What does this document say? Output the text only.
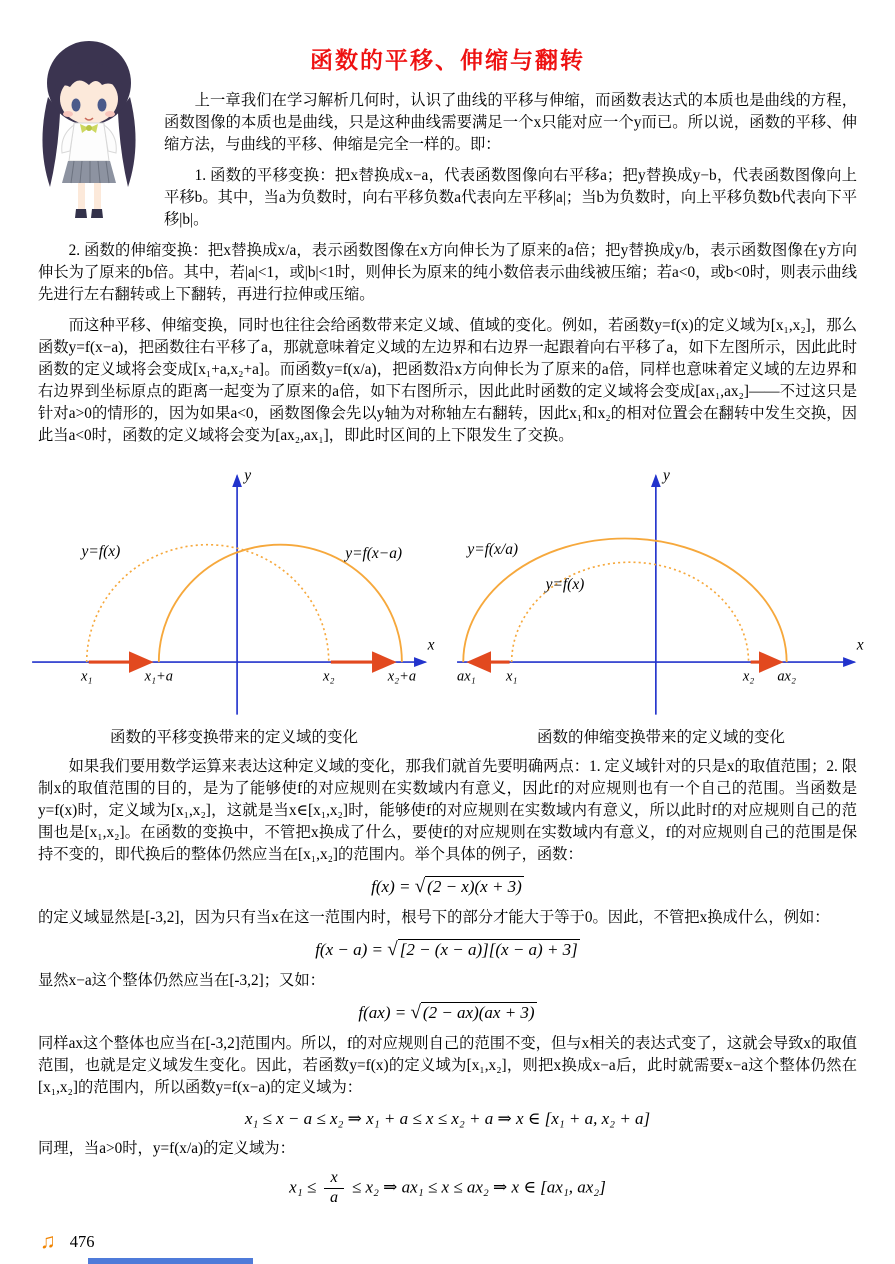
函数的平移、伸缩与翻转

上一章我们在学习解析几何时，认识了曲线的平移与伸缩，而函数表达式的本质也是曲线的方程，函数图像的本质也是曲线，只是这种曲线需要满足一个x只能对应一个y而已。所以说，函数的平移、伸缩方法，与曲线的平移、伸缩是完全一样的。即：

1. 函数的平移变换：把x替换成x−a，代表函数图像向右平移a；把y替换成y−b，代表函数图像向上平移b。其中，当a为负数时，向右平移负数a代表向左平移|a|；当b为负数时，向上平移负数b代表向下平移|b|。

2. 函数的伸缩变换：把x替换成x/a，表示函数图像在x方向伸长为了原来的a倍；把y替换成y/b，表示函数图像在y方向伸长为了原来的b倍。其中，若|a|<1，或|b|<1时，则伸长为原来的纯小数倍表示曲线被压缩；若a<0，或b<0时，则表示曲线先进行左右翻转或上下翻转，再进行拉伸或压缩。

而这种平移、伸缩变换，同时也往往会给函数带来定义域、值域的变化。例如，若函数y=f(x)的定义域为[x₁,x₂]，那么函数y=f(x−a)，把函数往右平移了a，那就意味着定义域的左边界和右边界一起跟着向右平移了a，如下左图所示，因此此时函数的定义域将会变成[x₁+a,x₂+a]。而函数y=f(x/a)，把函数沿x方向伸长为了原来的a倍，同样也意味着定义域的左边界和右边界到坐标原点的距离一起变为了原来的a倍，如下右图所示，因此此时函数的定义域将会变成[ax₁,ax₂]——不过这只是针对a>0的情形的，因为如果a<0，函数图像会先以y轴为对称轴左右翻转，因此x₁和x₂的相对位置会在翻转中发生交换，因此当a<0时，函数的定义域将会变为[ax₂,ax₁]，即此时区间的上下限发生了交换。

x
y
y=f(x)	y=f(x−a)
x₁	x₁+a	x₂	x₂+a
函数的平移变换带来的定义域的变化
x
y
y=f(x/a)
y=f(x)
ax₁ x₁	x₂ ax₂
函数的伸缩变换带来的定义域的变化

如果我们要用数学运算来表达这种定义域的变化，那我们就首先要明确两点：1. 定义域针对的只是x的取值范围；2. 限制x的取值范围的目的，是为了能够使f的对应规则在实数域内有意义，因此f的对应规则也有一个自己的范围。当函数是y=f(x)时，定义域为[x₁,x₂]，这就是当x∈[x₁,x₂]时，能够使f的对应规则在实数域内有意义，所以此时f的对应规则自己的范围也是[x₁,x₂]。在函数的变换中，不管把x换成了什么，要使f的对应规则在实数域内有意义，f的对应规则自己的范围是保持不变的，即代换后的整体仍然应当在[x₁,x₂]的范围内。举个具体的例子，函数：

f(x) = √ (2 − x)(x + 3)

的定义域显然是[-3,2]，因为只有当x在这一范围内时，根号下的部分才能大于等于0。因此，不管把x换成什么，例如：

f(x − a) = √ [2 − (x − a)][(x − a) + 3]

显然x−a这个整体仍然应当在[-3,2]；又如：

f(ax) = √ (2 − ax)(ax + 3)

同样ax这个整体也应当在[-3,2]范围内。所以，f的对应规则自己的范围不变，但与x相关的表达式变了，这就会导致x的取值范围，也就是定义域发生变化。因此，若函数y=f(x)的定义域为[x₁,x₂]，则把x换成x−a后，此时就需要x−a这个整体仍然在[x₁,x₂]的范围内，所以函数y=f(x−a)的定义域为：

x₁ ≤ x − a ≤ x₂ ⇒ x₁ + a ≤ x ≤ x₂ + a ⇒ x ∈ [x₁ + a, x₂ + a]

同理，当a>0时，y=f(x/a)的定义域为：

$x_1 \le \frac{x}{a} \le x_2$ ⇒ ax₁ ≤ x ≤ ax₂ ⇒ x ∈ [ax₁, ax₂]
♫ 476
